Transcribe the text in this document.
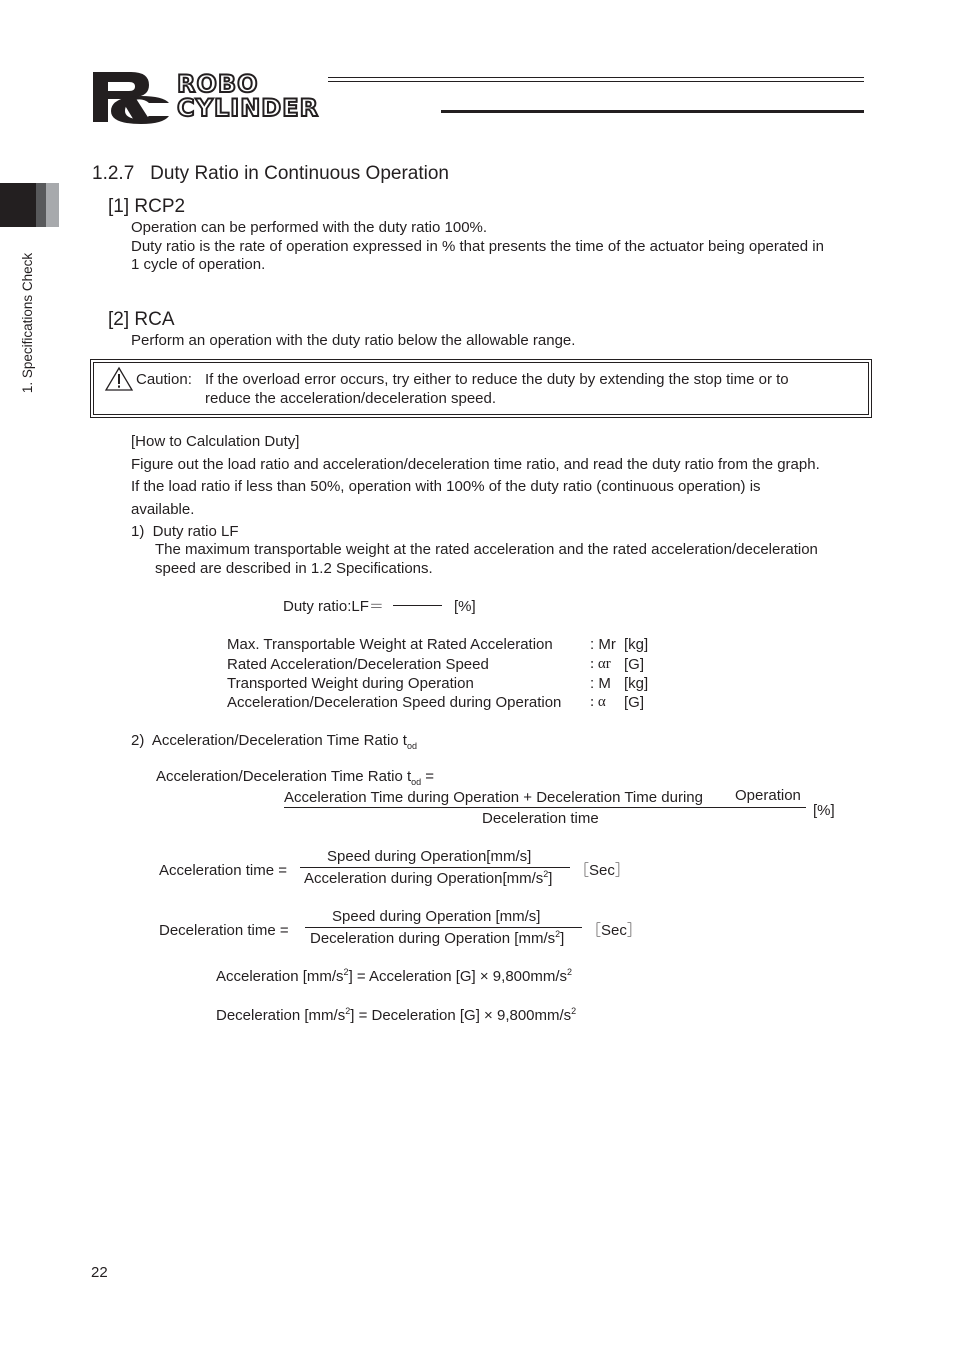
ROBO
CYLINDER
1. Specifications Check
1.2.7   Duty Ratio in Continuous Operation
[1] RCP2
Operation can be performed with the duty ratio 100%.
Duty ratio is the rate of operation expressed in % that presents the time of the actuator being operated in
1 cycle of operation.
[2] RCA
Perform an operation with the duty ratio below the allowable range.
Caution: If the overload error occurs, try either to reduce the duty by extending the stop time or to
reduce the acceleration/deceleration speed.
[How to Calculation Duty]
Figure out the load ratio and acceleration/deceleration time ratio, and read the duty ratio from the graph.
If the load ratio if less than 50%, operation with 100% of the duty ratio (continuous operation) is
available.
1)  Duty ratio LF
The maximum transportable weight at the rated acceleration and the rated acceleration/deceleration
speed are described in 1.2 Specifications.
Duty ratio:LF＝	[%]
Max. Transportable Weight at Rated Acceleration : Mr [kg]
Rated Acceleration/Deceleration Speed	: αr [G]
Transported Weight during Operation	: M [kg]
Acceleration/Deceleration Speed during Operation : α [G]
2)  Acceleration/Deceleration Time Ratio $t_{od}$
Acceleration/Deceleration Time Ratio $t_{od}$ =
Acceleration Time during Operation + Deceleration Time during Operation
Deceleration time	[%]
Acceleration time =
Speed during Operation[mm/s]
Acceleration during $Operation[mm/s^2]$ ［Sec］
Deceleration time =
Speed during Operation [mm/s]
Deceleration during Operation $[mm/s^2]$ ［Sec］
Acceleration $[mm/s^2]$ = Acceleration $[G] \times 9,800mm/s^2$
Deceleration $[mm/s^2]$ = Deceleration $[G] \times 9,800mm/s^2$
22
